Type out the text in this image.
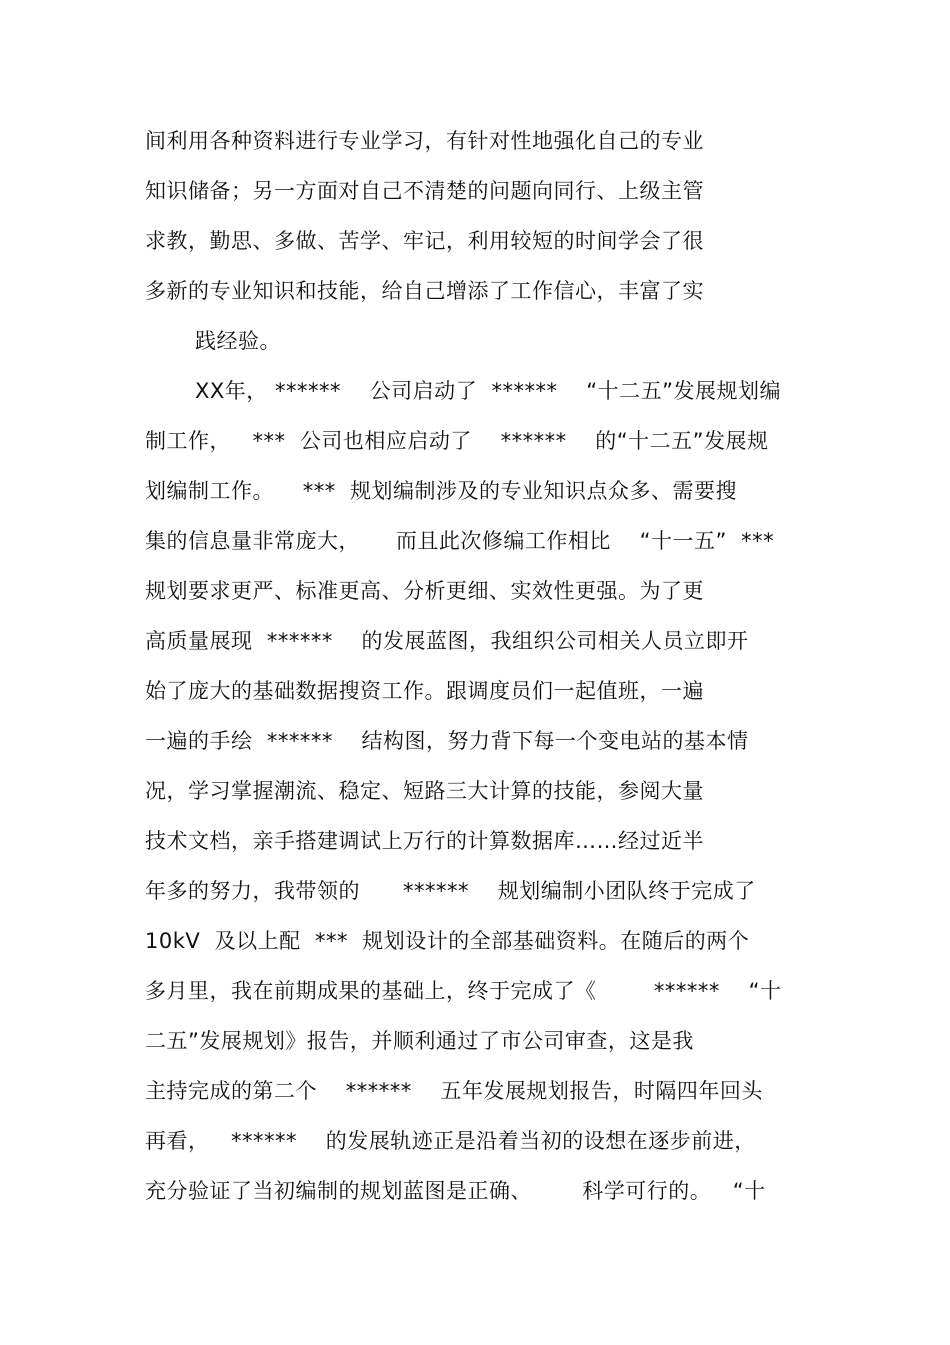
间利用各种资料进行专业学习，有针对性地强化自己的专业
知识储备；另一方面对自己不清楚的问题向同行、上级主管
求教，勤思、多做、苦学、牢记，利用较短的时间学会了很
多新的专业知识和技能，给自己增添了工作信心，丰富了实
践经验。
XX年， ******    公司启动了  ******    “十二五”发展规划编
制工作，   ***  公司也相应启动了    ******    的“十二五”发展规
划编制工作。    ***  规划编制涉及的专业知识点众多、需要搜
集的信息量非常庞大，     而且此次修编工作相比    “十一五”  ***
规划要求更严、标准更高、分析更细、实效性更强。为了更
高质量展现  ******    的发展蓝图，我组织公司相关人员立即开
始了庞大的基础数据搜资工作。跟调度员们一起值班，一遍
一遍的手绘  ******    结构图，努力背下每一个变电站的基本情
况，学习掌握潮流、稳定、短路三大计算的技能，参阅大量
技术文档，亲手搭建调试上万行的计算数据库……经过近半
年多的努力，我带领的      ******    规划编制小团队终于完成了
10kV  及以上配  ***  规划设计的全部基础资料。在随后的两个
多月里，我在前期成果的基础上，终于完成了《        ******    “十
二五”发展规划》报告，并顺利通过了市公司审查，这是我
主持完成的第二个    ******    五年发展规划报告，时隔四年回头
再看，   ******    的发展轨迹正是沿着当初的设想在逐步前进，
充分验证了当初编制的规划蓝图是正确、       科学可行的。   “十
